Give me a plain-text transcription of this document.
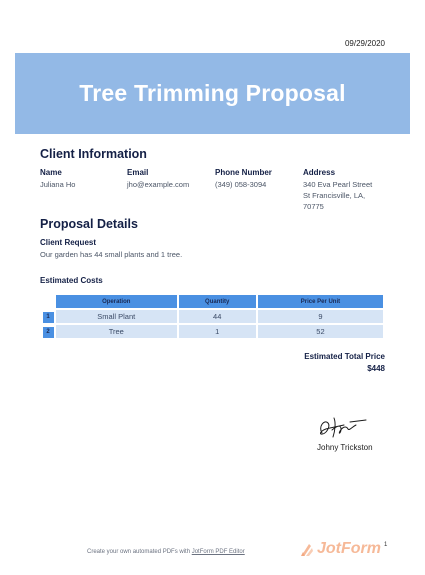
09/29/2020
Tree Trimming Proposal
Client Information
Name
Juliana Ho
Email
jho@example.com
Phone Number
(349) 058-3094
Address
340 Eva Pearl Street St Francisville, LA, 70775
Proposal Details
Client Request
Our garden has 44 small plants and 1 tree.
Estimated Costs
	Operation	Quantity	Price Per Unit
1	Small Plant	44	9
2	Tree	1	52
Estimated Total Price
$448
Johny Trickston
Create your own automated PDFs with JotForm PDF Editor	JotForm 1
